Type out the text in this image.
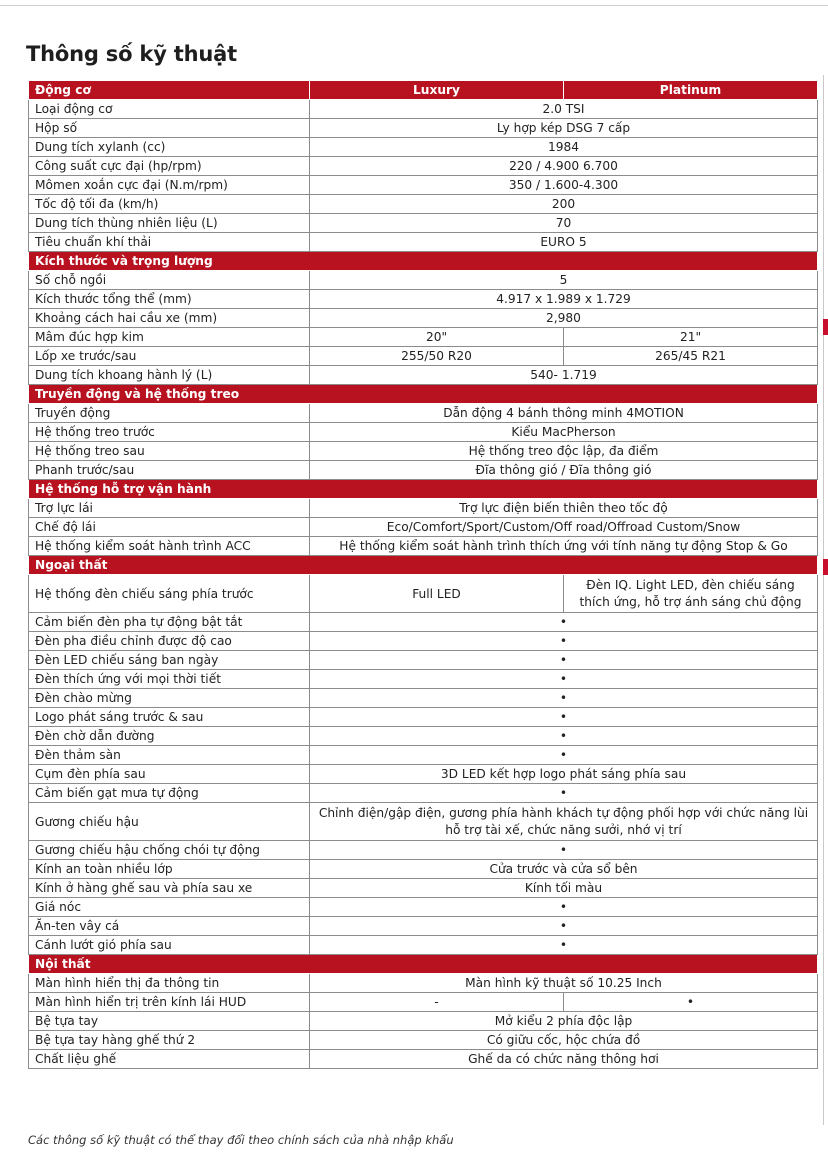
Thông số kỹ thuật
Động cơ	Luxury	Platinum
Loại động cơ	2.0 TSI	
Hộp số	Ly hợp kép DSG 7 cấp	
Dung tích xylanh (cc)	1984	
Công suất cực đại (hp/rpm)	220 / 4.900 6.700	
Mômen xoắn cực đại (N.m/rpm)	350 / 1.600-4.300	
Tốc độ tối đa (km/h)	200	
Dung tích thùng nhiên liệu (L)	70	
Tiêu chuẩn khí thải	EURO 5	
Kích thước và trọng lượng		
Số chỗ ngồi	5	
Kích thước tổng thể (mm)	4.917 x 1.989 x 1.729	
Khoảng cách hai cầu xe (mm)	2,980	
Mâm đúc hợp kim	20"	21"
Lốp xe trước/sau	255/50 R20	265/45 R21
Dung tích khoang hành lý (L)	540- 1.719	
Truyền động và hệ thống treo		
Truyền động	Dẫn động 4 bánh thông minh 4MOTION	
Hệ thống treo trước	Kiểu MacPherson	
Hệ thống treo sau	Hệ thống treo độc lập, đa điểm	
Phanh trước/sau	Đĩa thông gió / Đĩa thông gió	
Hệ thống hỗ trợ vận hành		
Trợ lực lái	Trợ lực điện biến thiên theo tốc độ	
Chế độ lái	Eco/Comfort/Sport/Custom/Off road/Offroad Custom/Snow	
Hệ thống kiểm soát hành trình ACC	Hệ thống kiểm soát hành trình thích ứng với tính năng tự động Stop & Go	
Ngoại thất		
Hệ thống đèn chiếu sáng phía trước	Full LED	Đèn IQ. Light LED, đèn chiếu sáng thích ứng, hỗ trợ ánh sáng chủ động
Cảm biến đèn pha tự động bật tắt	•	
Đèn pha điều chỉnh được độ cao	•	
Đèn LED chiếu sáng ban ngày	•	
Đèn thích ứng với mọi thời tiết	•	
Đèn chào mừng	•	
Logo phát sáng trước & sau	•	
Đèn chờ dẫn đường	•	
Đèn thảm sàn	•	
Cụm đèn phía sau	3D LED kết hợp logo phát sáng phía sau	
Cảm biến gạt mưa tự động	•	
Gương chiếu hậu	Chỉnh điện/gập điện, gương phía hành khách tự động phối hợp với chức năng lùi hỗ trợ tài xế, chức năng sưởi, nhớ vị trí	
Gương chiếu hậu chống chói tự động	•	
Kính an toàn nhiều lớp	Cửa trước và cửa sổ bên	
Kính ở hàng ghế sau và phía sau xe	Kính tối màu	
Giá nóc	•	
Ăn-ten vây cá	•	
Cánh lướt gió phía sau	•	
Nội thất		
Màn hình hiển thị đa thông tin	Màn hình kỹ thuật số 10.25 Inch	
Màn hình hiển trị trên kính lái HUD	-	•
Bệ tựa tay	Mở kiểu 2 phía độc lập	
Bệ tựa tay hàng ghế thứ 2	Có giữu cốc, hộc chứa đồ	
Chất liệu ghế	Ghế da có chức năng thông hơi	

Các thông số kỹ thuật có thể thay đổi theo chính sách của nhà nhập khẩu
